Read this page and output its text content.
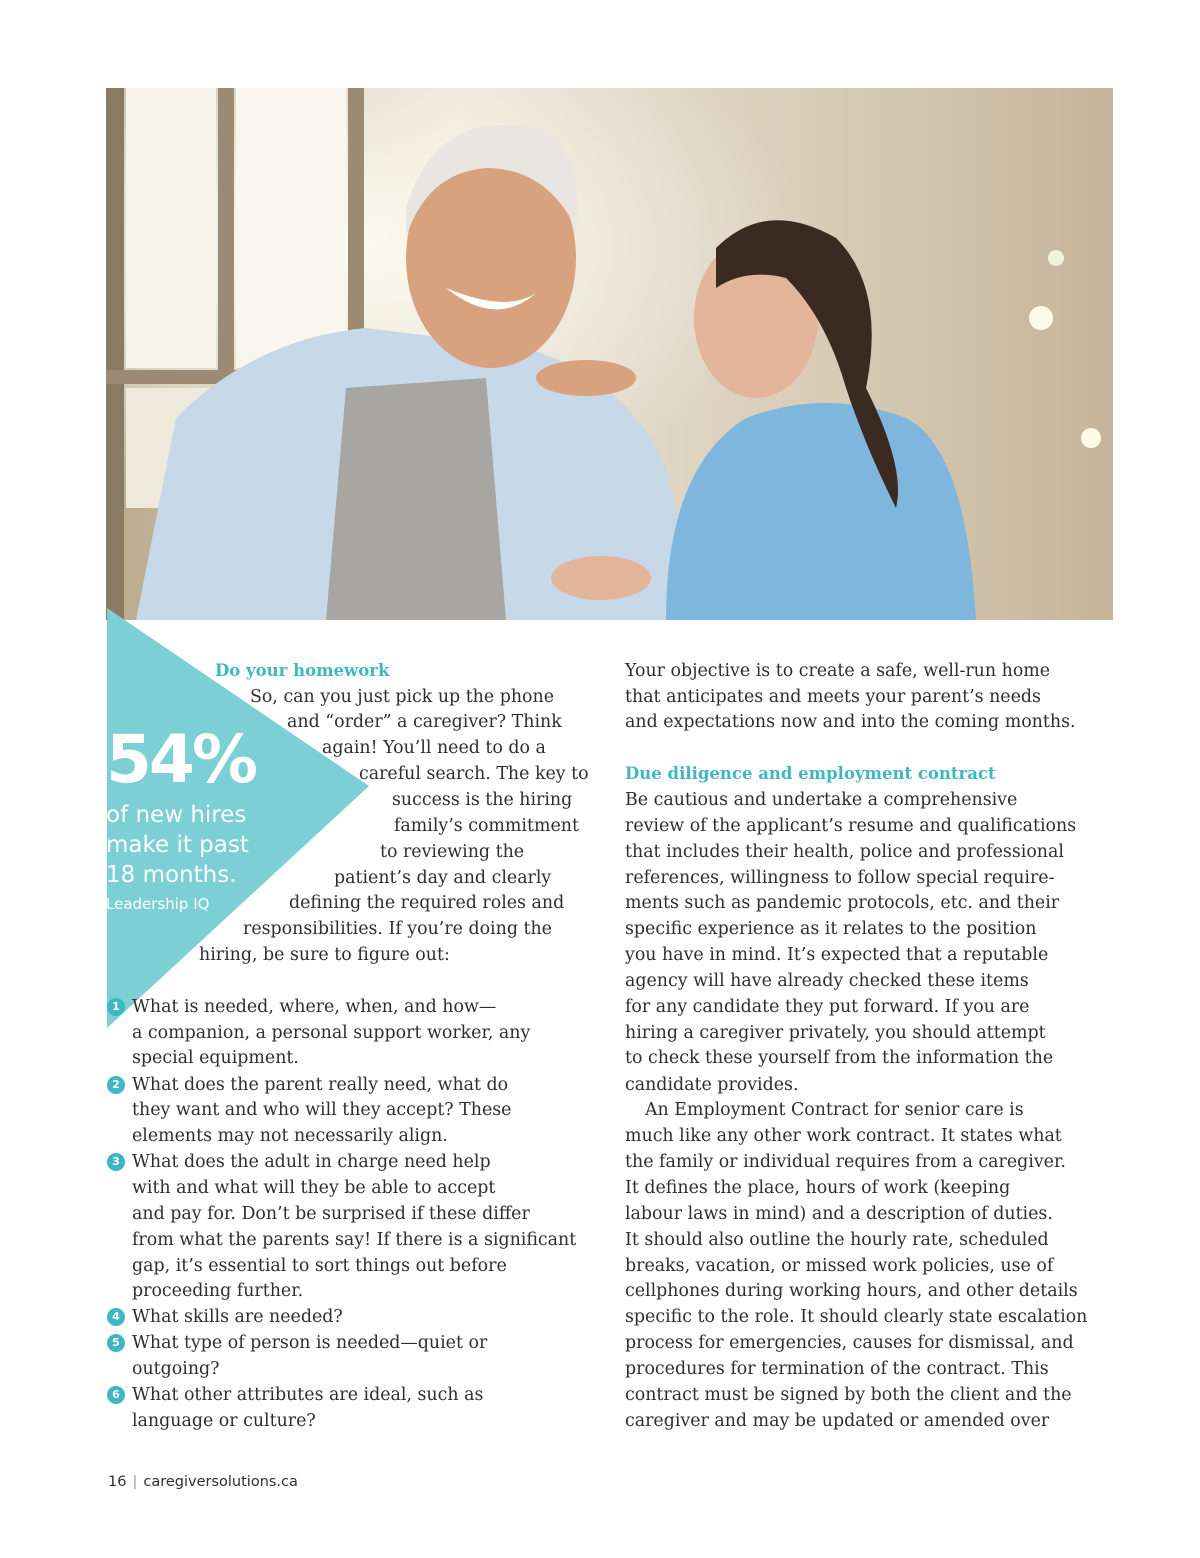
54%
of new hires
make it past
18 months.
Leadership IQ
Do your homework
So, can you just pick up the phone
and “order” a caregiver? Think
again! You’ll need to do a
careful search. The key to
success is the hiring
family’s commitment
to reviewing the
patient’s day and clearly
defining the required roles and
responsibilities. If you’re doing the
hiring, be sure to figure out:
1 What is needed, where, when, and how—
a companion, a personal support worker, any
special equipment.
2 What does the parent really need, what do
they want and who will they accept? These
elements may not necessarily align.
3 What does the adult in charge need help
with and what will they be able to accept
and pay for. Don’t be surprised if these differ
from what the parents say! If there is a significant
gap, it’s essential to sort things out before
proceeding further.
4 What skills are needed?
5 What type of person is needed—quiet or
outgoing?
6 What other attributes are ideal, such as
language or culture?
Your objective is to create a safe, well-run home
that anticipates and meets your parent’s needs
and expectations now and into the coming months.
Due diligence and employment contract
Be cautious and undertake a comprehensive
review of the applicant’s resume and qualifications
that includes their health, police and professional
references, willingness to follow special require-
ments such as pandemic protocols, etc. and their
specific experience as it relates to the position
you have in mind. It’s expected that a reputable
agency will have already checked these items
for any candidate they put forward. If you are
hiring a caregiver privately, you should attempt
to check these yourself from the information the
candidate provides.
An Employment Contract for senior care is
much like any other work contract. It states what
the family or individual requires from a caregiver.
It defines the place, hours of work (keeping
labour laws in mind) and a description of duties.
It should also outline the hourly rate, scheduled
breaks, vacation, or missed work policies, use of
cellphones during working hours, and other details
specific to the role. It should clearly state escalation
process for emergencies, causes for dismissal, and
procedures for termination of the contract. This
contract must be signed by both the client and the
caregiver and may be updated or amended over
16 | caregiversolutions.ca
